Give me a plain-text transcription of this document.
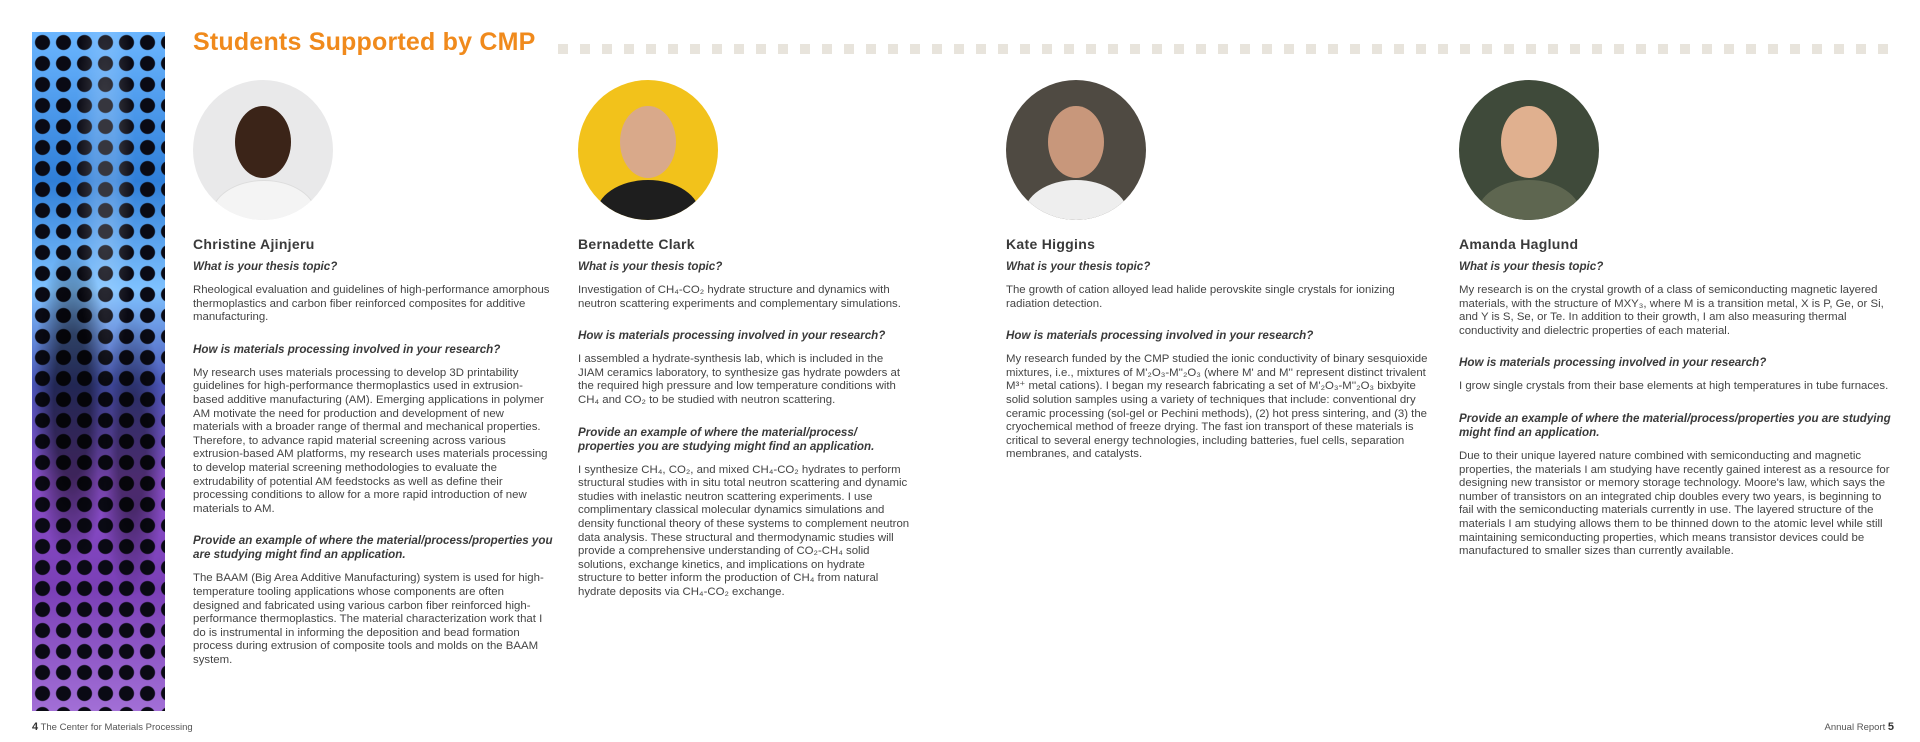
Students Supported by CMP
Christine Ajinjeru

What is your thesis topic?

Rheological evaluation and guidelines of high-performance amorphous thermoplastics and carbon fiber reinforced composites for additive manufacturing.

How is materials processing involved in your research?

My research uses materials processing to develop 3D printability guidelines for high-performance thermoplastics used in extrusion-based additive manufacturing (AM). Emerging applications in polymer AM motivate the need for production and development of new materials with a broader range of thermal and mechanical properties. Therefore, to advance rapid material screening across various extrusion-based AM platforms, my research uses materials processing to develop material screening methodologies to evaluate the extrudability of potential AM feedstocks as well as define their processing conditions to allow for a more rapid introduction of new materials to AM.

Provide an example of where the material/process/properties you are studying might find an application.

The BAAM (Big Area Additive Manufacturing) system is used for high-temperature tooling applications whose components are often designed and fabricated using various carbon fiber reinforced high-performance thermoplastics. The material characterization work that I do is instrumental in informing the deposition and bead formation process during extrusion of composite tools and molds on the BAAM system.

Bernadette Clark

What is your thesis topic?

Investigation of CH₄-CO₂ hydrate structure and dynamics with neutron scattering experiments and complementary simulations.

How is materials processing involved in your research?

I assembled a hydrate-synthesis lab, which is included in the JIAM ceramics laboratory, to synthesize gas hydrate powders at the required high pressure and low temperature conditions with CH₄ and CO₂ to be studied with neutron scattering.

Provide an example of where the material/process/ properties you are studying might find an application.

I synthesize CH₄, CO₂, and mixed CH₄-CO₂ hydrates to perform structural studies with in situ total neutron scattering and dynamic studies with inelastic neutron scattering experiments. I use complimentary classical molecular dynamics simulations and density functional theory of these systems to complement neutron data analysis. These structural and thermodynamic studies will provide a comprehensive understanding of CO₂-CH₄ solid solutions, exchange kinetics, and implications on hydrate structure to better inform the production of CH₄ from natural hydrate deposits via CH₄-CO₂ exchange.

Kate Higgins

What is your thesis topic?

The growth of cation alloyed lead halide perovskite single crystals for ionizing radiation detection.

How is materials processing involved in your research?

My research funded by the CMP studied the ionic conductivity of binary sesquioxide mixtures, i.e., mixtures of M'₂O₃-M''₂O₃ (where M' and M'' represent distinct trivalent M³⁺ metal cations). I began my research fabricating a set of M'₂O₃-M''₂O₃ bixbyite solid solution samples using a variety of techniques that include: conventional dry ceramic processing (sol-gel or Pechini methods), (2) hot press sintering, and (3) the cryochemical method of freeze drying. The fast ion transport of these materials is critical to several energy technologies, including batteries, fuel cells, separation membranes, and catalysts.

Amanda Haglund

What is your thesis topic?

My research is on the crystal growth of a class of semiconducting magnetic layered materials, with the structure of MXY₃, where M is a transition metal, X is P, Ge, or Si, and Y is S, Se, or Te. In addition to their growth, I am also measuring thermal conductivity and dielectric properties of each material.

How is materials processing involved in your research?

I grow single crystals from their base elements at high temperatures in tube furnaces.

Provide an example of where the material/process/properties you are studying might find an application.

Due to their unique layered nature combined with semiconducting and magnetic properties, the materials I am studying have recently gained interest as a resource for designing new transistor or memory storage technology. Moore's law, which says the number of transistors on an integrated chip doubles every two years, is beginning to fail with the semiconducting materials currently in use. The layered structure of the materials I am studying allows them to be thinned down to the atomic level while still maintaining semiconducting properties, which means transistor devices could be manufactured to smaller sizes than currently available.

4 The Center for Materials Processing	Annual Report 5
